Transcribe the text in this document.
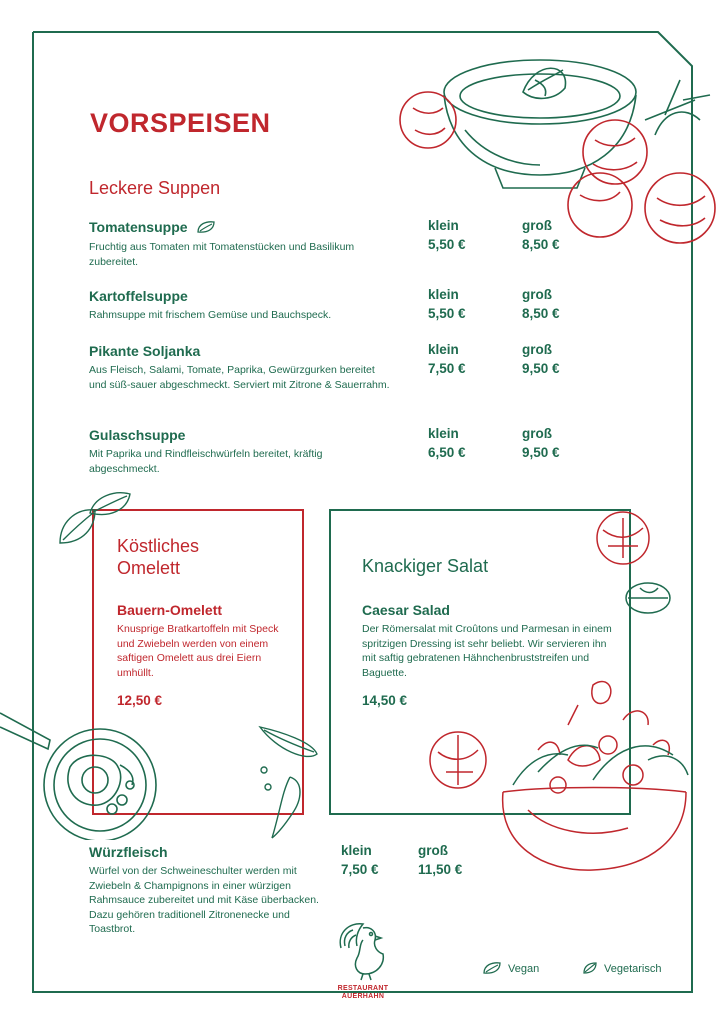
VORSPEISEN
Leckere Suppen
Tomatensuppe
Fruchtig aus Tomaten mit Tomatenstücken und Basilikum zubereitet.
klein	groß
5,50 €	8,50 €
Kartoffelsuppe
Rahmsuppe mit frischem Gemüse und Bauchspeck.
klein	groß
5,50 €	8,50 €
Pikante Soljanka
Aus Fleisch, Salami, Tomate, Paprika, Gewürzgurken bereitet und süß-sauer abgeschmeckt. Serviert mit Zitrone & Sauerrahm.
klein	groß
7,50 €	9,50 €
Gulaschsuppe
Mit Paprika und Rindfleischwürfeln bereitet, kräftig abgeschmeckt.
klein	groß
6,50 €	9,50 €
Köstliches
Omelett
Bauern-Omelett
Knusprige Bratkartoffeln mit Speck und Zwiebeln werden von einem saftigen Omelett aus drei Eiern umhüllt.
12,50 €
Knackiger Salat
Caesar Salad
Der Römersalat mit Croûtons und Parmesan in einem spritzigen Dressing ist sehr beliebt. Wir servieren ihn mit saftig gebratenen Hähnchenbruststreifen und Baguette.
14,50 €
Würzfleisch
Würfel von der Schweineschulter werden mit Zwiebeln & Champignons in einer würzigen Rahmsauce zubereitet und mit Käse überbacken. Dazu gehören traditionell Zitronenecke und Toastbrot.
klein	groß
7,50 €	11,50 €
RESTAURANT
AUERHAHN
Vegan	Vegetarisch
